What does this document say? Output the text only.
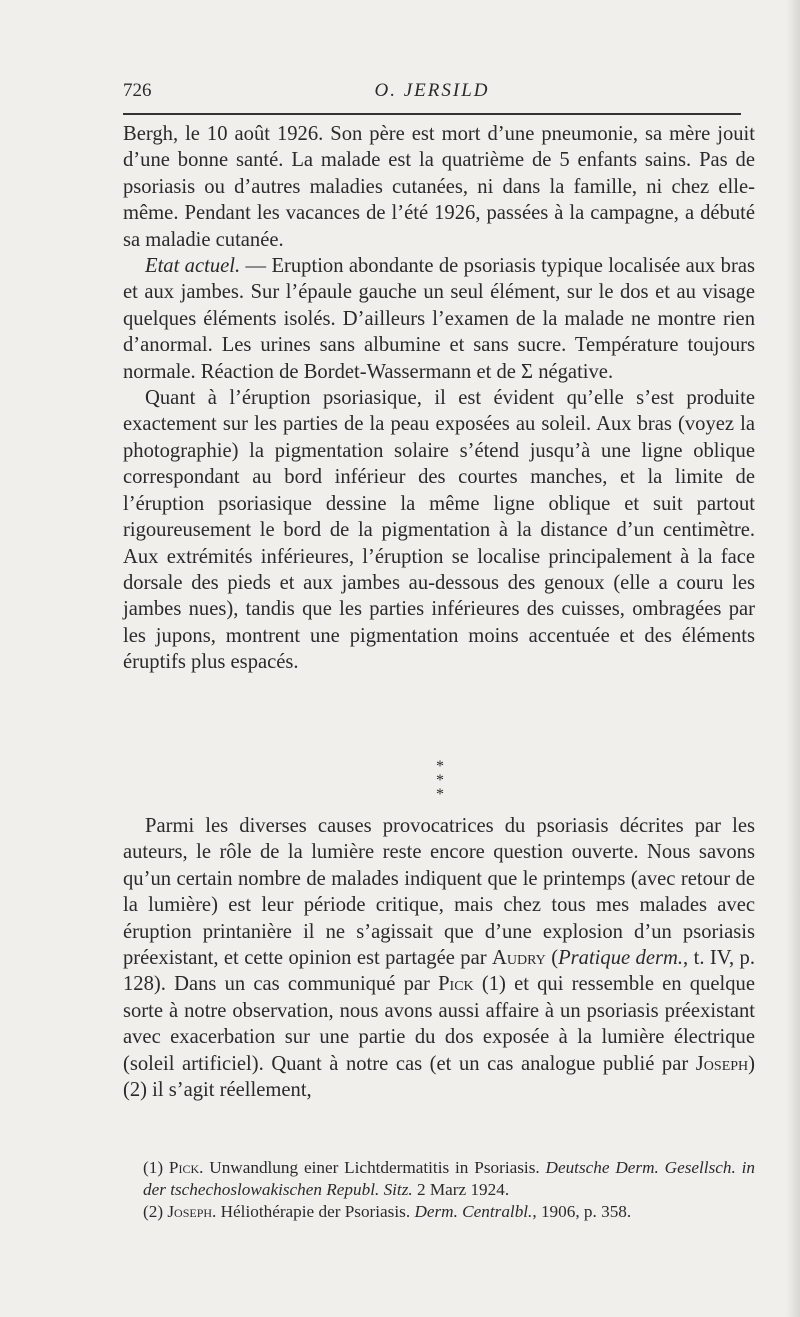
726	O. JERSILD

Bergh, le 10 août 1926. Son père est mort d’une pneumonie, sa mère jouit d’une bonne santé. La malade est la quatrième de 5 enfants sains. Pas de psoriasis ou d’autres maladies cutanées, ni dans la famille, ni chez elle-même. Pendant les vacances de l’été 1926, passées à la campagne, a débuté sa maladie cutanée.

Etat actuel. — Eruption abondante de psoriasis typique localisée aux bras et aux jambes. Sur l’épaule gauche un seul élément, sur le dos et au visage quelques éléments isolés. D’ailleurs l’examen de la malade ne montre rien d’anormal. Les urines sans albumine et sans sucre. Température toujours normale. Réaction de Bordet-Wassermann et de Σ négative.

Quant à l’éruption psoriasique, il est évident qu’elle s’est produite exactement sur les parties de la peau exposées au soleil. Aux bras (voyez la photographie) la pigmentation solaire s’étend jusqu’à une ligne oblique correspondant au bord inférieur des courtes manches, et la limite de l’éruption psoriasique dessine la même ligne oblique et suit partout rigoureusement le bord de la pigmentation à la distance d’un centimètre. Aux extrémités inférieures, l’éruption se localise principalement à la face dorsale des pieds et aux jambes au-dessous des genoux (elle a couru les jambes nues), tandis que les parties inférieures des cuisses, ombragées par les jupons, montrent une pigmentation moins accentuée et des éléments éruptifs plus espacés.

*
* *

Parmi les diverses causes provocatrices du psoriasis décrites par les auteurs, le rôle de la lumière reste encore question ouverte. Nous savons qu’un certain nombre de malades indiquent que le printemps (avec retour de la lumière) est leur période critique, mais chez tous mes malades avec éruption printanière il ne s’agissait que d’une explosion d’un psoriasis préexistant, et cette opinion est partagée par Audry (Pratique derm., t. IV, p. 128). Dans un cas communiqué par Pick (1) et qui ressemble en quelque sorte à notre observation, nous avons aussi affaire à un psoriasis préexistant avec exacerbation sur une partie du dos exposée à la lumière électrique (soleil artificiel). Quant à notre cas (et un cas analogue publié par Joseph) (2) il s’agit réellement,

(1) Pick. Unwandlung einer Lichtdermatitis in Psoriasis. Deutsche Derm. Gesellsch. in der tschechoslowakischen Republ. Sitz. 2 Marz 1924.

(2) Joseph. Héliothérapie der Psoriasis. Derm. Centralbl., 1906, p. 358.
